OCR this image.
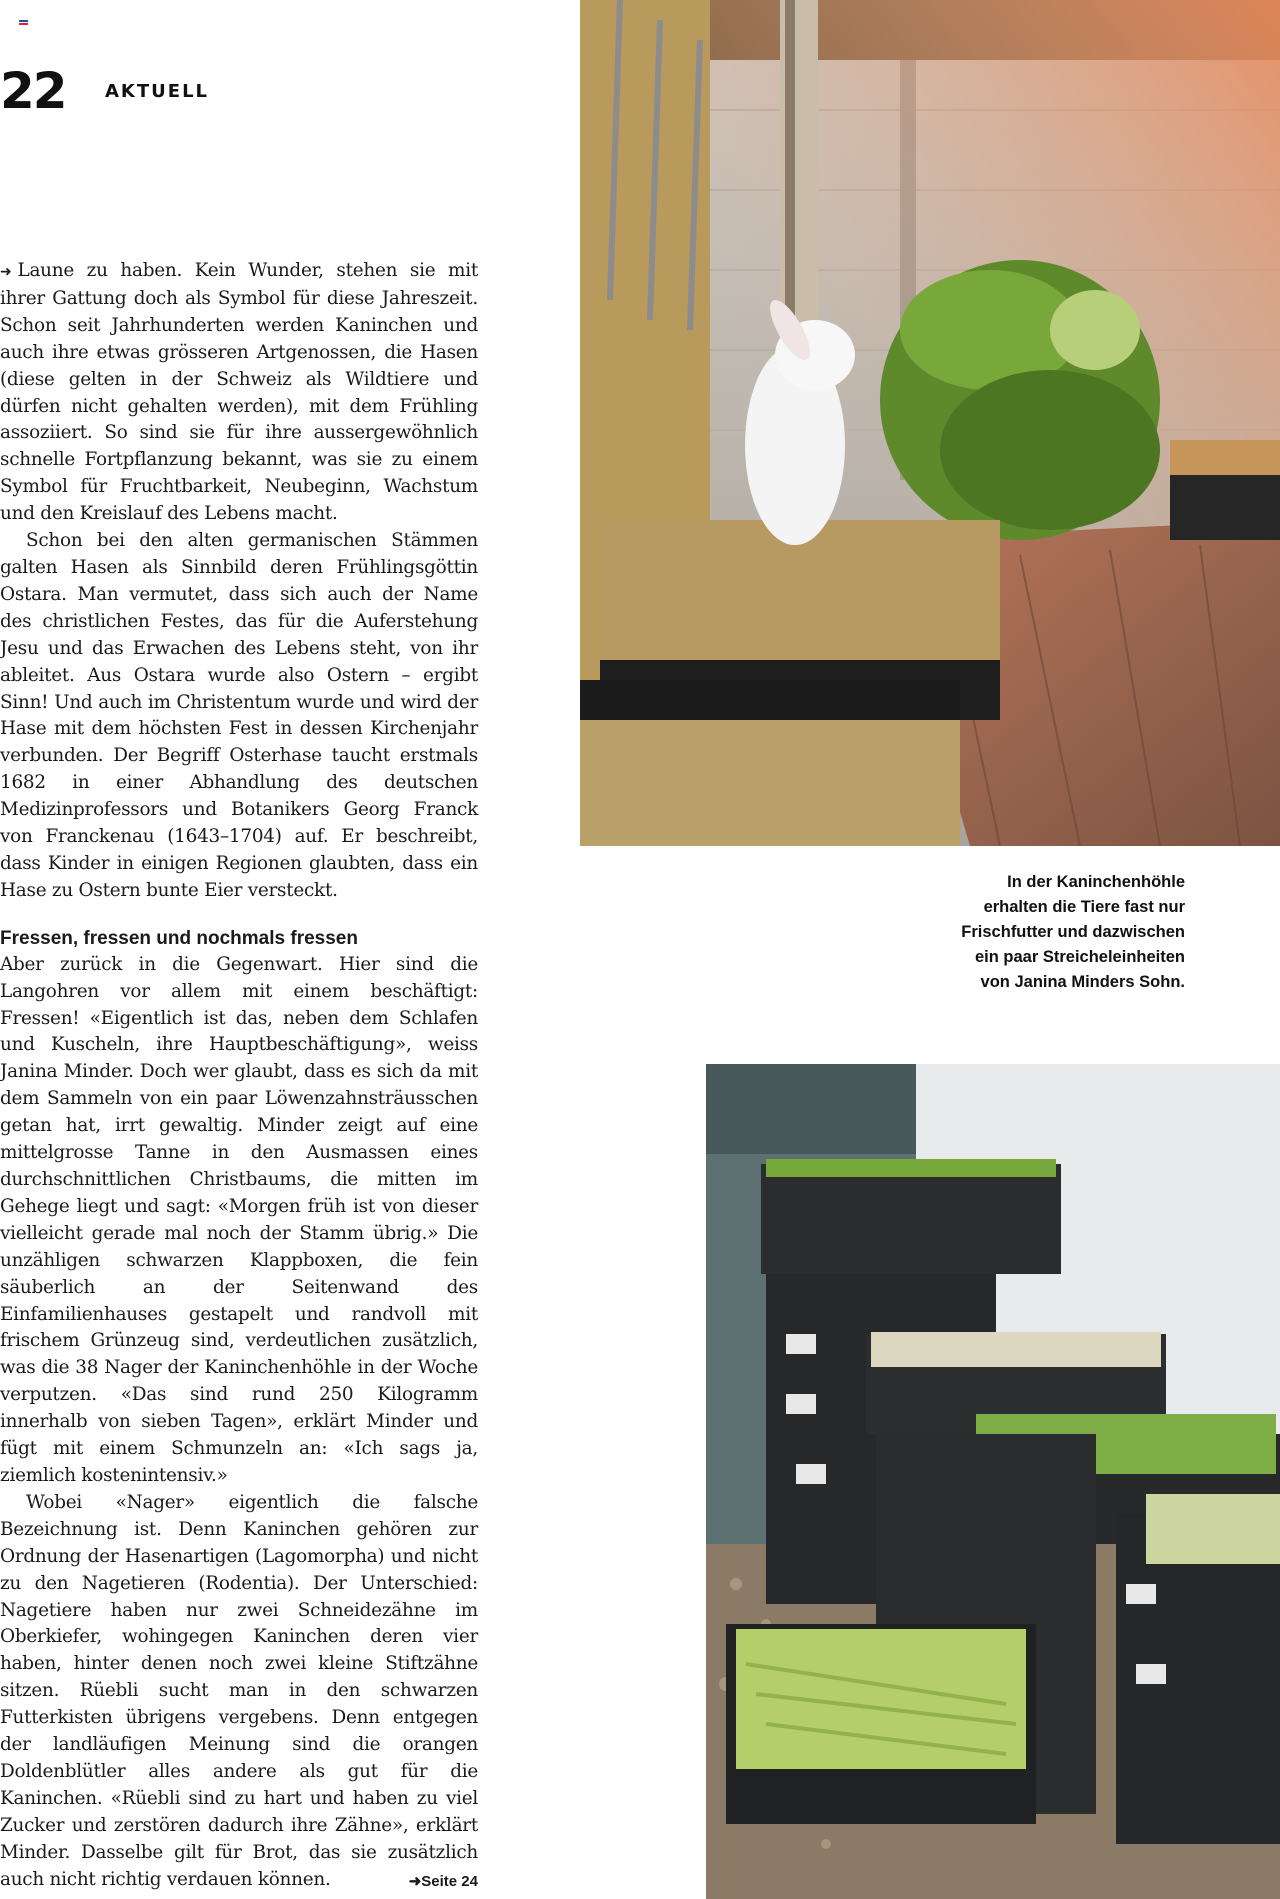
22 AKTUELL

➜ Laune zu haben. Kein Wunder, stehen sie mit ihrer Gattung doch als Symbol für diese Jahreszeit. Schon seit Jahrhunderten werden Kaninchen und auch ihre etwas grösseren Artgenossen, die Hasen (diese gelten in der Schweiz als Wildtiere und dürfen nicht gehalten werden), mit dem Frühling assoziiert. So sind sie für ihre aussergewöhnlich schnelle Fortpflanzung bekannt, was sie zu einem Symbol für Fruchtbarkeit, Neubeginn, Wachstum und den Kreislauf des Lebens macht.

Schon bei den alten germanischen Stämmen galten Hasen als Sinnbild deren Frühlingsgöttin Ostara. Man vermutet, dass sich auch der Name des christlichen Festes, das für die Auferstehung Jesu und das Erwachen des Lebens steht, von ihr ableitet. Aus Ostara wurde also Ostern – ergibt Sinn! Und auch im Christentum wurde und wird der Hase mit dem höchsten Fest in dessen Kirchenjahr verbunden. Der Begriff Osterhase taucht erstmals 1682 in einer Abhandlung des deutschen Medizinprofessors und Botanikers Georg Franck von Franckenau (1643–1704) auf. Er beschreibt, dass Kinder in einigen Regionen glaubten, dass ein Hase zu Ostern bunte Eier versteckt.

Fressen, fressen und nochmals fressen

Aber zurück in die Gegenwart. Hier sind die Langohren vor allem mit einem beschäftigt: Fressen! «Eigentlich ist das, neben dem Schlafen und Kuscheln, ihre Hauptbeschäftigung», weiss Janina Minder. Doch wer glaubt, dass es sich da mit dem Sammeln von ein paar Löwenzahnsträusschen getan hat, irrt gewaltig. Minder zeigt auf eine mittelgrosse Tanne in den Ausmassen eines durchschnittlichen Christbaums, die mitten im Gehege liegt und sagt: «Morgen früh ist von dieser vielleicht gerade mal noch der Stamm übrig.» Die unzähligen schwarzen Klappboxen, die fein säuberlich an der Seitenwand des Einfamilienhauses gestapelt und randvoll mit frischem Grünzeug sind, verdeutlichen zusätzlich, was die 38 Nager der Kaninchenhöhle in der Woche verputzen. «Das sind rund 250 Kilogramm innerhalb von sieben Tagen», erklärt Minder und fügt mit einem Schmunzeln an: «Ich sags ja, ziemlich kostenintensiv.»

Wobei «Nager» eigentlich die falsche Bezeichnung ist. Denn Kaninchen gehören zur Ordnung der Hasenartigen (Lagomorpha) und nicht zu den Nagetieren (Rodentia). Der Unterschied: Nagetiere haben nur zwei Schneidezähne im Oberkiefer, wohingegen Kaninchen deren vier haben, hinter denen noch zwei kleine Stiftzähne sitzen. Rüebli sucht man in den schwarzen Futterkisten übrigens vergebens. Denn entgegen der landläufigen Meinung sind die orangen Doldenblütler alles andere als gut für die Kaninchen. «Rüebli sind zu hart und haben zu viel Zucker und zerstören dadurch ihre Zähne», erklärt Minder. Dasselbe gilt für Brot, das sie zusätzlich auch nicht richtig verdauen können.	➜Seite 24

In der Kaninchenhöhle erhalten die Tiere fast nur Frischfutter und dazwischen ein paar Streicheleinheiten von Janina Minders Sohn.
